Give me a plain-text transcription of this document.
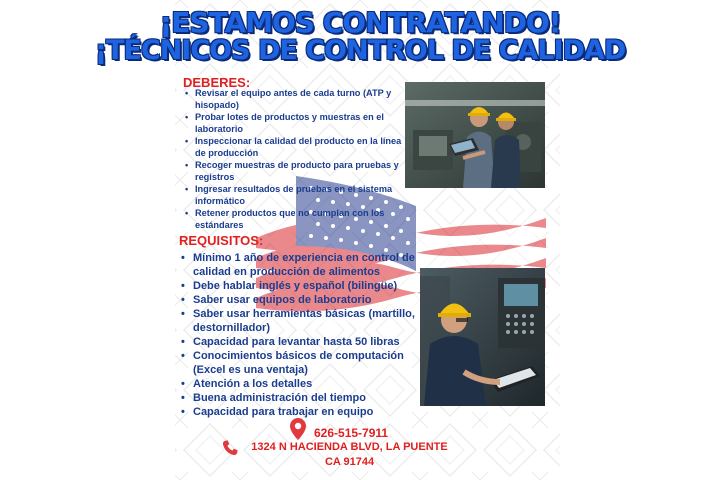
¡ESTAMOS CONTRATANDO!
¡TÉCNICOS DE CONTROL DE CALIDAD
DEBERES:
• Revisar el equipo antes de cada turno (ATP y hisopado)
• Probar lotes de productos y muestras en el laboratorio
• Inspeccionar la calidad del producto en la línea de producción
• Recoger muestras de producto para pruebas y registros
• Ingresar resultados de pruebas en el sistema informático
• Retener productos que no cumplan con los estándares
REQUISITOS:
• Mínimo 1 año de experiencia en control de calidad en producción de alimentos
• Debe hablar inglés y español (bilingüe)
• Saber usar equipos de laboratorio
• Saber usar herramientas básicas (martillo, destornillador)
• Capacidad para levantar hasta 50 libras
• Conocimientos básicos de computación (Excel es una ventaja)
• Atención a los detalles
• Buena administración del tiempo
• Capacidad para trabajar en equipo
626-515-7911
1324 N HACIENDA BLVD, LA PUENTE CA 91744
